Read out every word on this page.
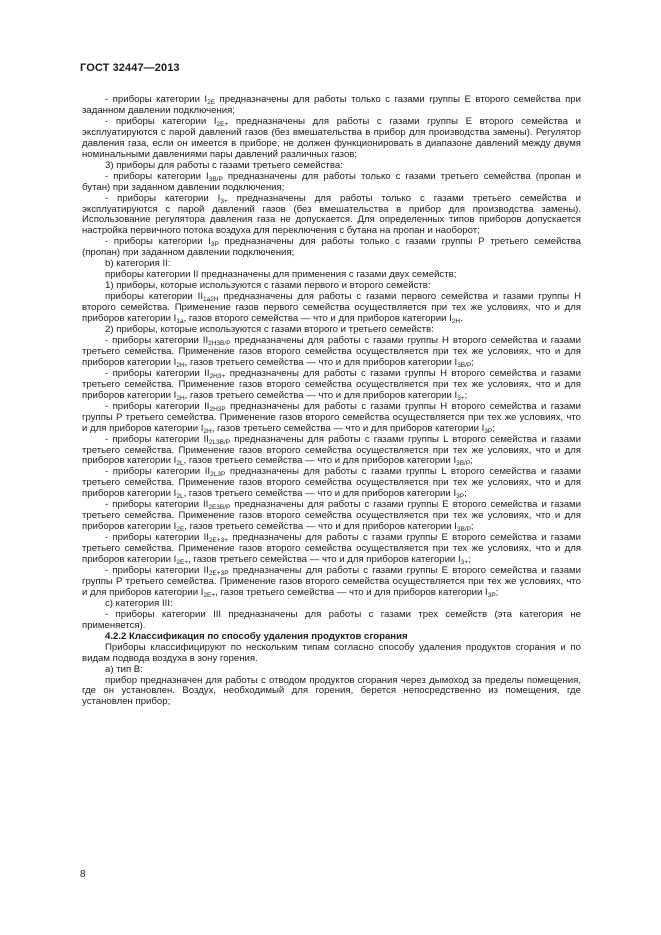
ГОСТ 32447—2013

- приборы категории $I_{2E}$ предназначены для работы только с газами группы Е второго семейства при заданном давлении подключения;

- приборы категории $I_{2E+}$ предназначены для работы с газами группы Е второго семейства и эксплуатируются с парой давлений газов (без вмешательства в прибор для производства замены). Регулятор давления газа, если он имеется в приборе, не должен функционировать в диапазоне давлений между двумя номинальными давлениями пары давлений различных газов;

3) приборы для работы с газами третьего семейства:

- приборы категории $I_{3B/P}$ предназначены для работы только с газами третьего семейства (пропан и бутан) при заданном давлении подключения;

- приборы категории $I_{3+}$ предназначены для работы только с газами третьего семейства и эксплуатируются с парой давлений газов (без вмешательства в прибор для производства замены). Использование регулятора давления газа не допускается. Для определенных типов приборов допускается настройка первичного потока воздуха для переключения с бутана на пропан и наоборот;

- приборы категории $I_{3P}$ предназначены для работы только с газами группы Р третьего семейства (пропан) при заданном давлении подключения;

b) категория II:

приборы категории II предназначены для применения с газами двух семейств;

1) приборы, которые используются с газами первого и второго семейств:

приборы категории $II_{1a2H}$ предназначены для работы с газами первого семейства и газами группы Н второго семейства. Применение газов первого семейства осуществляется при тех же условиях, что и для приборов категории $I_{1a}$, газов второго семейства — что и для приборов категории $I_{2H}$.

2) приборы, которые используются с газами второго и третьего семейств:

- приборы категории $II_{2H3B/P}$ предназначены для работы с газами группы Н второго семейства и газами третьего семейства. Применение газов второго семейства осуществляется при тех же условиях, что и для приборов категории $I_{2H}$, газов третьего семейства — что и для приборов категории $I_{3B/P}$;

- приборы категории $II_{2H3+}$ предназначены для работы с газами группы Н второго семейства и газами третьего семейства. Применение газов второго семейства осуществляется при тех же условиях, что и для приборов категории $I_{2H}$, газов третьего семейства — что и для приборов категории $I_{3+}$;

- приборы категории $II_{2H3P}$ предназначены для работы с газами группы Н второго семейства и газами группы Р третьего семейства. Применение газов второго семейства осуществляется при тех же условиях, что и для приборов категории $I_{2H}$, газов третьего семейства — что и для приборов категории $I_{3P}$;

- приборы категории $II_{2L3B/P}$ предназначены для работы с газами группы L второго семейства и газами третьего семейства. Применение газов второго семейства осуществляется при тех же условиях, что и для приборов категории $I_{2L}$, газов третьего семейства — что и для приборов категории $I_{3B/P}$;

- приборы категории $II_{2L3P}$ предназначены для работы с газами группы L второго семейства и газами третьего семейства. Применение газов второго семейства осуществляется при тех же условиях, что и для приборов категории $I_{2L}$, газов третьего семейства — что и для приборов категории $I_{3P}$;

- приборы категории $II_{2E3B/P}$ предназначены для работы с газами группы Е второго семейства и газами третьего семейства. Применение газов второго семейства осуществляется при тех же условиях, что и для приборов категории $I_{2E}$, газов третьего семейства — что и для приборов категории $I_{3B/P}$;

- приборы категории $II_{2E+3+}$ предназначены для работы с газами группы Е второго семейства и газами третьего семейства. Применение газов второго семейства осуществляется при тех же условиях, что и для приборов категории $I_{2E+}$, газов третьего семейства — что и для приборов категории $I_{3+}$;

- приборы категории $II_{2E+3P}$ предназначены для работы с газами группы Е второго семейства и газами группы Р третьего семейства. Применение газов второго семейства осуществляется при тех же условиях, что и для приборов категории $I_{2E+}$, газов третьего семейства — что и для приборов категории $I_{3P}$;

c) категория III:

- приборы категории III предназначены для работы с газами трех семейств (эта категория не применяется).

4.2.2 Классификация по способу удаления продуктов сгорания

Приборы классифицируют по нескольким типам согласно способу удаления продуктов сгорания и по видам подвода воздуха в зону горения.

а) тип В:

прибор предназначен для работы с отводом продуктов сгорания через дымоход за пределы помещения, где он установлен. Воздух, необходимый для горения, берется непосредственно из помещения, где установлен прибор;

8
